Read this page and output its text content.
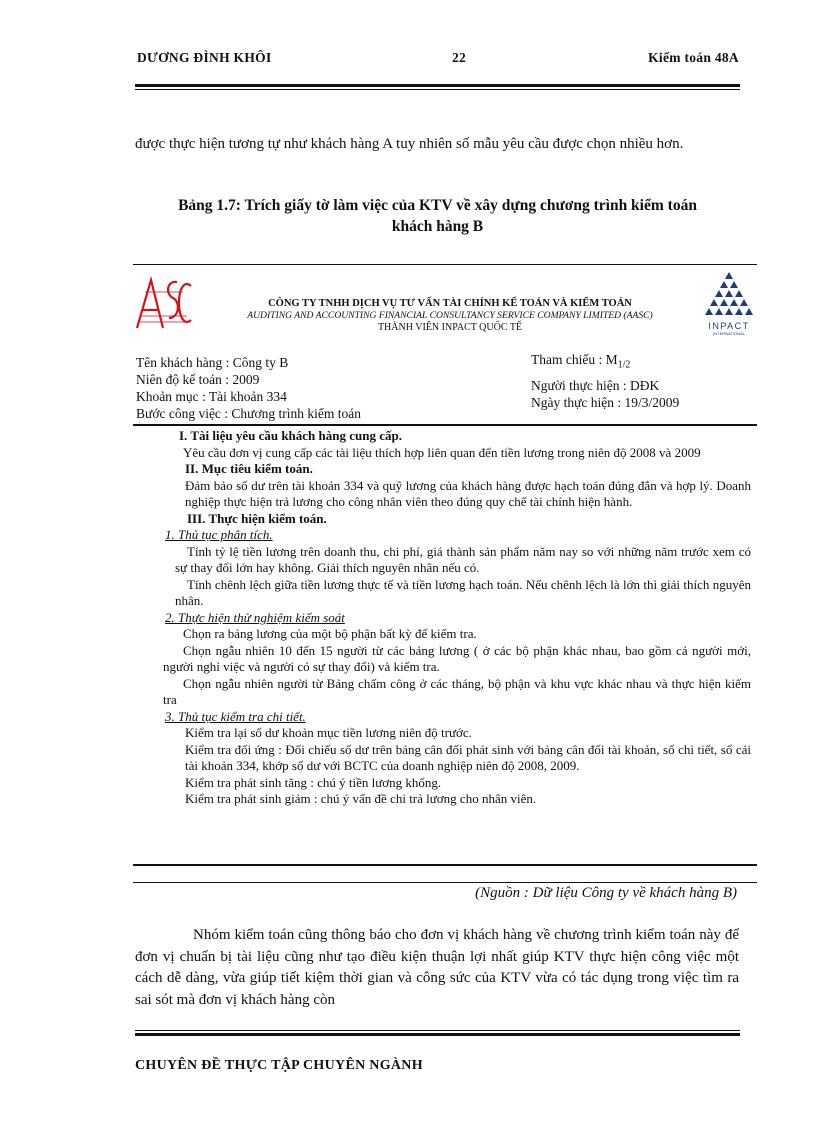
DƯƠNG ĐÌNH KHÔI	22	Kiểm toán 48A

được thực hiện tương tự như khách hàng A tuy nhiên số mẫu yêu cầu được chọn nhiều hơn.

Bảng 1.7: Trích giấy tờ làm việc của KTV về xây dựng chương trình kiểm toán
khách hàng B
CÔNG TY TNHH DỊCH VỤ TƯ VẤN TÀI CHÍNH KẾ TOÁN VÀ KIỂM TOÁN
AUDITING AND ACCOUNTING FINANCIAL CONSULTANCY SERVICE COMPANY LIMITED (AASC)
THÀNH VIÊN INPACT QUỐC TẾ	INPACT
INTERNATIONAL
Tên khách hàng : Công ty B
Niên độ kế toán : 2009
Khoản mục : Tài khoản 334
Bước công việc : Chương trình kiểm toán
Tham chiếu : $M_{1/2}$
Người thực hiện : DĐK
Ngày thực hiện : 19/3/2009
I. Tài liệu yêu cầu khách hàng cung cấp.

Yêu cầu đơn vị cung cấp các tài liệu thích hợp liên quan đến tiền lương trong niên độ 2008 và 2009

II. Mục tiêu kiểm toán.

Đảm bảo số dư trên tài khoản 334 và quỹ lương của khách hàng được hạch toán đúng đắn và hợp lý. Doanh nghiệp thực hiện trả lương cho công nhân viên theo đúng quy chế tài chính hiện hành.

III. Thực hiện kiểm toán.
1. Thủ tục phân tích.

Tính tỷ lệ tiền lương trên doanh thu, chi phí, giá thành sản phẩm năm nay so với những năm trước xem có sự thay đổi lớn hay không. Giải thích nguyên nhân nếu có.

Tính chênh lệch giữa tiền lương thực tế và tiền lương hạch toán. Nếu chênh lệch là lớn thì giải thích nguyên nhân.

2. Thực hiện thử nghiệm kiểm soát

Chọn ra bảng lương của một bộ phận bất kỳ để kiểm tra.

Chọn ngẫu nhiên 10 đến 15 người từ các bảng lương ( ở các bộ phận khác nhau, bao gồm cả người mới, người nghỉ việc và người có sự thay đổi) và kiểm tra.

Chọn ngẫu nhiên người từ Bảng chấm công ở các tháng, bộ phận và khu vực khác nhau và thực hiện kiểm tra

3. Thủ tục kiểm tra chi tiết.

Kiểm tra lại số dư khoản mục tiền lương niên độ trước.

Kiểm tra đối ứng : Đối chiếu số dư trên bảng cân đối phát sinh với bảng cân đối tài khoản, sổ chi tiết, sổ cái tài khoản 334, khớp số dư với BCTC của doanh nghiệp niên độ 2008, 2009.

Kiểm tra phát sinh tăng : chú ý tiền lương khống.

Kiểm tra phát sinh giảm : chú ý vấn đề chi trả lương cho nhân viên.

(Nguồn : Dữ liệu Công ty về khách hàng B)

Nhóm kiểm toán cũng thông báo cho đơn vị khách hàng về chương trình kiểm toán này để đơn vị chuẩn bị tài liệu cũng như tạo điều kiện thuận lợi nhất giúp KTV thực hiện công việc một cách dễ dàng, vừa giúp tiết kiệm thời gian và công sức của KTV vừa có tác dụng trong việc tìm ra sai sót mà đơn vị khách hàng còn

CHUYÊN ĐỀ THỰC TẬP CHUYÊN NGÀNH
